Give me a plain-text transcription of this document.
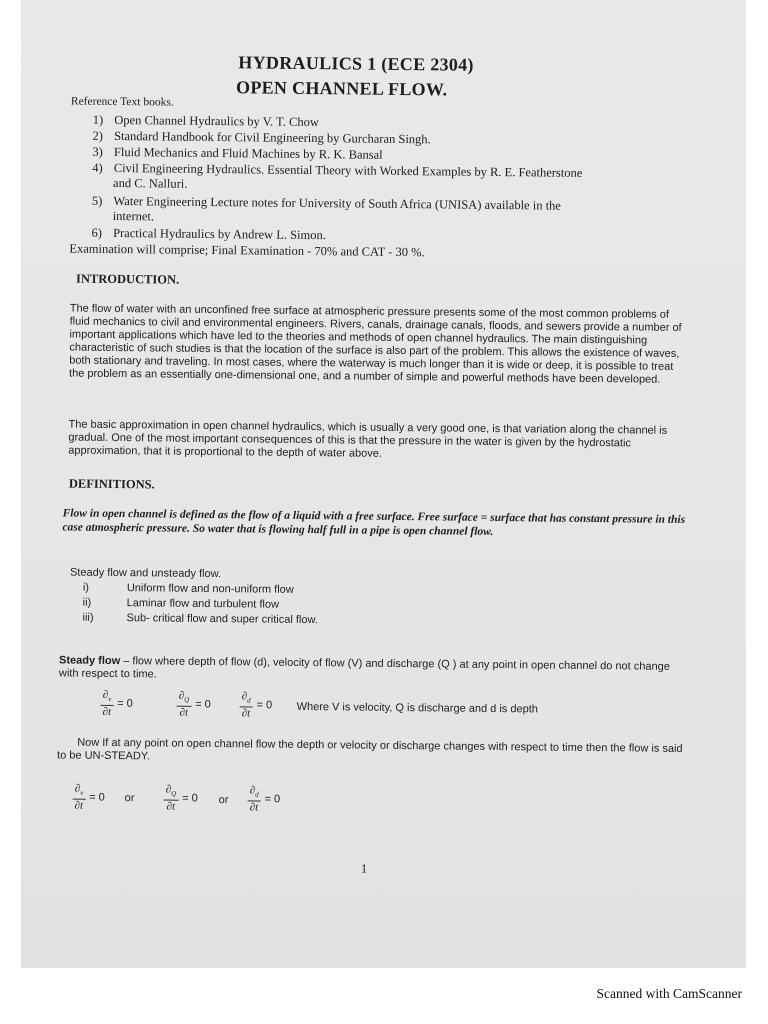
HYDRAULICS 1 (ECE 2304)
OPEN CHANNEL FLOW.
Reference Text books.
1) Open Channel Hydraulics by V. T. Chow
2) Standard Handbook for Civil Engineering by Gurcharan Singh.
3) Fluid Mechanics and Fluid Machines by R. K. Bansal
4) Civil Engineering Hydraulics. Essential Theory with Worked Examples by R. E. Featherstone
and C. Nalluri.
5) Water Engineering Lecture notes for University of South Africa (UNISA) available in the
internet.
6) Practical Hydraulics by Andrew L. Simon.
Examination will comprise; Final Examination - 70% and CAT - 30 %.
INTRODUCTION.
The flow of water with an unconfined free surface at atmospheric pressure presents some of the most common problems of fluid mechanics to civil and environmental engineers. Rivers, canals, drainage canals, floods, and sewers provide a number of important applications which have led to the theories and methods of open channel hydraulics. The main distinguishing characteristic of such studies is that the location of the surface is also part of the problem. This allows the existence of waves, both stationary and traveling. In most cases, where the waterway is much longer than it is wide or deep, it is possible to treat the problem as an essentially one-dimensional one, and a number of simple and powerful methods have been developed.
The basic approximation in open channel hydraulics, which is usually a very good one, is that variation along the channel is gradual. One of the most important consequences of this is that the pressure in the water is given by the hydrostatic approximation, that it is proportional to the depth of water above.
DEFINITIONS.
Flow in open channel is defined as the flow of a liquid with a free surface. Free surface = surface that has constant pressure in this case atmospheric pressure. So water that is flowing half full in a pipe is open channel flow.
Steady flow and unsteady flow.
i)	Uniform flow and non-uniform flow
ii)	Laminar flow and turbulent flow
iii)	Sub- critical flow and super critical flow.
Steady flow – flow where depth of flow (d), velocity of flow (V) and discharge (Q ) at any point in open channel do not change with respect to time.
$\frac{\partial_v}{\partial t} = 0$	$\frac{\partial_Q}{\partial t} = 0$	$\frac{\partial_d}{\partial t} = 0$ Where V is velocity, Q is discharge and d is depth
Now If at any point on open channel flow the depth or velocity or discharge changes with respect to time then the flow is said to be UN-STEADY.
$\frac{\partial_v}{\partial t} = 0$ or	$\frac{\partial_Q}{\partial t} = 0$ or $\frac{\partial_d}{\partial t} = 0$
1
Scanned with CamScanner
